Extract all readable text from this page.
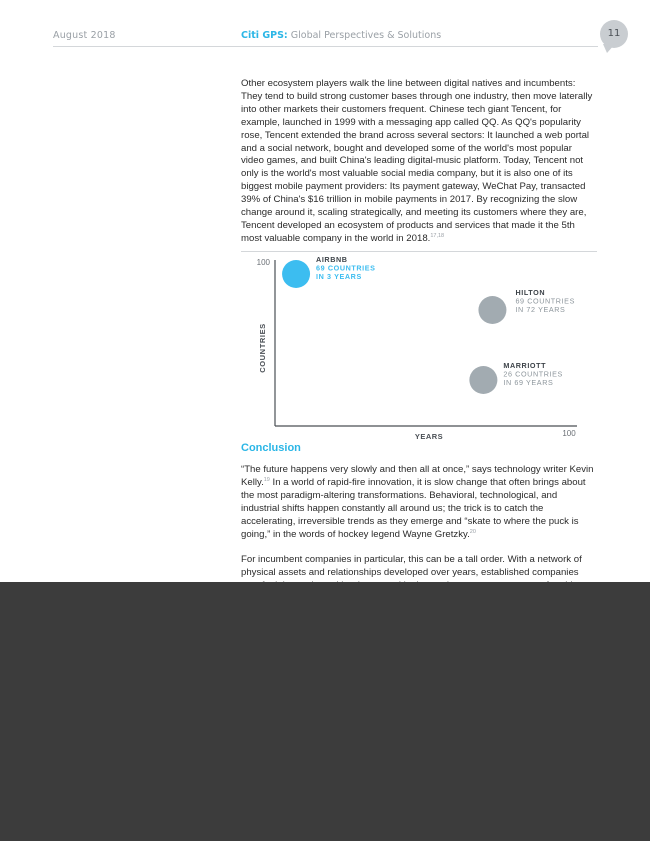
August 2018	Citi GPS: Global Perspectives & Solutions	11

Other ecosystem players walk the line between digital natives and incumbents: They tend to build strong customer bases through one industry, then move laterally into other markets their customers frequent. Chinese tech giant Tencent, for example, launched in 1999 with a messaging app called QQ. As QQ's popularity rose, Tencent extended the brand across several sectors: It launched a web portal and a social network, bought and developed some of the world's most popular video games, and built China's leading digital-music platform. Today, Tencent not only is the world's most valuable social media company, but it is also one of its biggest mobile payment providers: Its payment gateway, WeChat Pay, transacted 39% of China's $16 trillion in mobile payments in 2017. By recognizing the slow change around it, scaling strategically, and meeting its customers where they are, Tencent developed an ecosystem of products and services that made it the 5th most valuable company in the world in 2018.$^{17,18}$

100
100
YEARS
COUNTRIES
AIRBNB
69 COUNTRIES
IN 3 YEARS
HILTON
69 COUNTRIES
IN 72 YEARS
MARRIOTT
26 COUNTRIES
IN 69 YEARS
Conclusion

“The future happens very slowly and then all at once,” says technology writer Kevin Kelly.$^{19}$ In a world of rapid-fire innovation, it is slow change that often brings about the most paradigm-altering transformations. Behavioral, technological, and industrial shifts happen constantly all around us; the trick is to catch the accelerating, irreversible trends as they emerge and “skate to where the puck is going,” in the words of hockey legend Wayne Gretzky.$^{20}$

For incumbent companies in particular, this can be a tall order. With a network of physical assets and relationships developed over years, established companies
